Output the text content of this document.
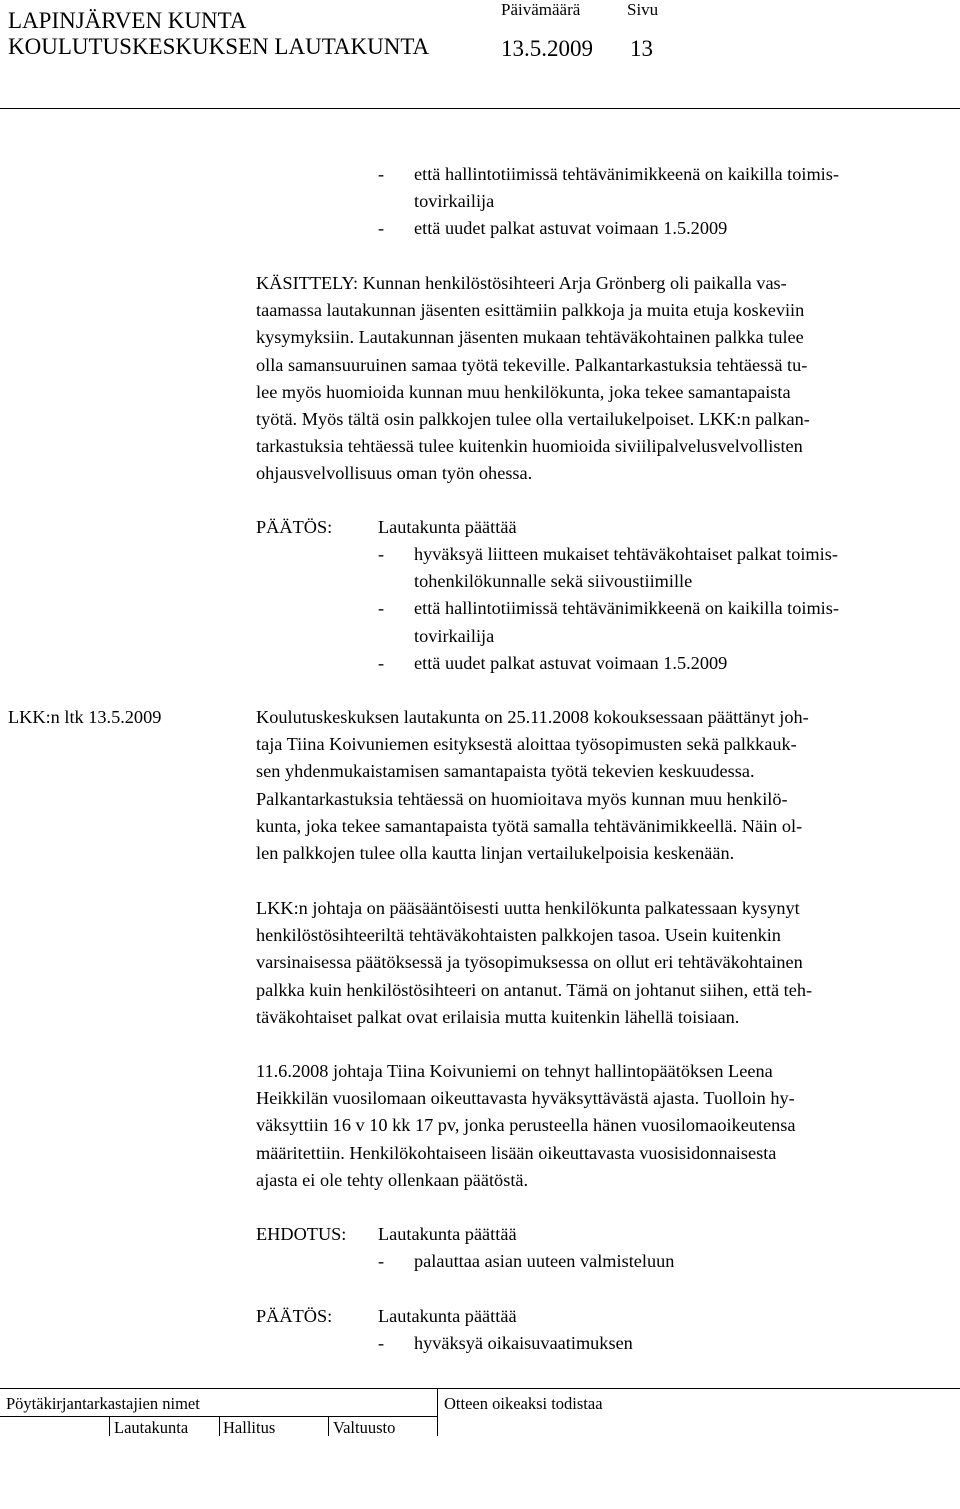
LAPINJÄRVEN KUNTA
KOULUTUSKESKUKSEN LAUTAKUNTA
Päivämäärä	Sivu
13.5.2009 13
-	että hallintotiimissä tehtävänimikkeenä on kaikilla toimis-
tovirkailija
-	että uudet palkat astuvat voimaan 1.5.2009
KÄSITTELY: Kunnan henkilöstösihteeri Arja Grönberg oli paikalla vas-
taamassa lautakunnan jäsenten esittämiin palkkoja ja muita etuja koskeviin
kysymyksiin. Lautakunnan jäsenten mukaan tehtäväkohtainen palkka tulee
olla samansuuruinen samaa työtä tekeville. Palkantarkastuksia tehtäessä tu-
lee myös huomioida kunnan muu henkilökunta, joka tekee samantapaista
työtä. Myös tältä osin palkkojen tulee olla vertailukelpoiset. LKK:n palkan-
tarkastuksia tehtäessä tulee kuitenkin huomioida siviilipalvelusvelvollisten
ohjausvelvollisuus oman työn ohessa.
PÄÄTÖS:	Lautakunta päättää
-	hyväksyä liitteen mukaiset tehtäväkohtaiset palkat toimis-
tohenkilökunnalle sekä siivoustiimille
-	että hallintotiimissä tehtävänimikkeenä on kaikilla toimis-
tovirkailija
-	että uudet palkat astuvat voimaan 1.5.2009
LKK:n ltk 13.5.2009	Koulutuskeskuksen lautakunta on 25.11.2008 kokouksessaan päättänyt joh-
taja Tiina Koivuniemen esityksestä aloittaa työsopimusten sekä palkkauk-
sen yhdenmukaistamisen samantapaista työtä tekevien keskuudessa.
Palkantarkastuksia tehtäessä on huomioitava myös kunnan muu henkilö-
kunta, joka tekee samantapaista työtä samalla tehtävänimikkeellä. Näin ol-
len palkkojen tulee olla kautta linjan vertailukelpoisia keskenään.
LKK:n johtaja on pääsääntöisesti uutta henkilökunta palkatessaan kysynyt
henkilöstösihteeriltä tehtäväkohtaisten palkkojen tasoa. Usein kuitenkin
varsinaisessa päätöksessä ja työsopimuksessa on ollut eri tehtäväkohtainen
palkka kuin henkilöstösihteeri on antanut. Tämä on johtanut siihen, että teh-
täväkohtaiset palkat ovat erilaisia mutta kuitenkin lähellä toisiaan.
11.6.2008 johtaja Tiina Koivuniemi on tehnyt hallintopäätöksen Leena
Heikkilän vuosilomaan oikeuttavasta hyväksyttävästä ajasta. Tuolloin hy-
väksyttiin 16 v 10 kk 17 pv, jonka perusteella hänen vuosilomaoikeutensa
määritettiin. Henkilökohtaiseen lisään oikeuttavasta vuosisidonnaisesta
ajasta ei ole tehty ollenkaan päätöstä.
EHDOTUS: Lautakunta päättää
-	palauttaa asian uuteen valmisteluun
PÄÄTÖS:	Lautakunta päättää
-	hyväksyä oikaisuvaatimuksen
Pöytäkirjantarkastajien nimet	Otteen oikeaksi todistaa
Lautakunta Hallitus	Valtuusto
